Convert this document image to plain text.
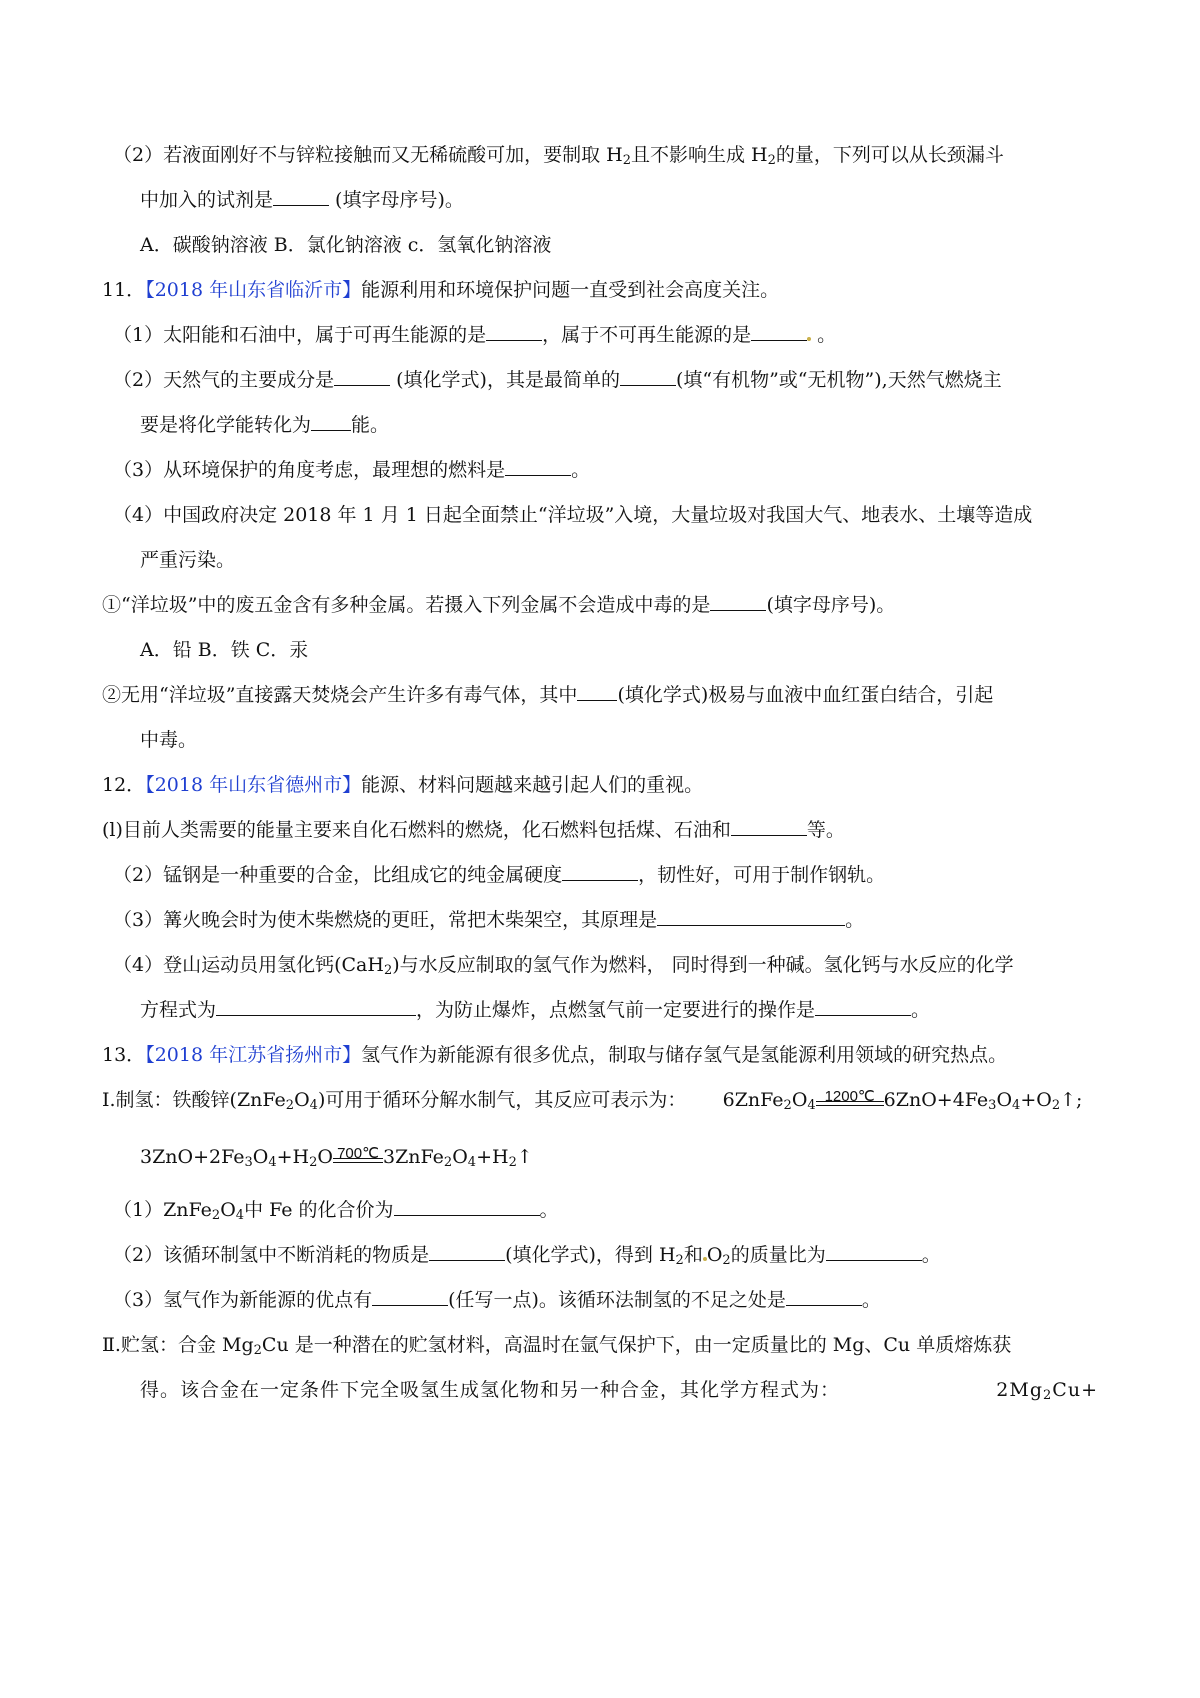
（2）若液面刚好不与锌粒接触而又无稀硫酸可加，要制取 $H_2$且不影响生成 $H_2$的量，下列可以从长颈漏斗
中加入的试剂是	(填字母序号)。
A．碳酸钠溶液 B．氯化钠溶液 c．氢氧化钠溶液
11．【2018 年山东省临沂市】能源利用和环境保护问题一直受到社会高度关注。
（1）太阳能和石油中，属于可再生能源的是	，属于不可再生能源的是	。
（2）天然气的主要成分是	(填化学式)，其是最简单的	(填“有机物”或“无机物”),天然气燃烧主
要是将化学能转化为 能。
（3）从环境保护的角度考虑，最理想的燃料是	。
（4）中国政府决定 2018 年 1 月 1 日起全面禁止“洋垃圾”入境，大量垃圾对我国大气、地表水、土壤等造成
严重污染。
①“洋垃圾”中的废五金含有多种金属。若摄入下列金属不会造成中毒的是	(填字母序号)。
A．铅 B．铁 C．汞
②无用“洋垃圾”直接露天焚烧会产生许多有毒气体，其中 (填化学式)极易与血液中血红蛋白结合，引起
中毒。
12．【2018 年山东省德州市】能源、材料问题越来越引起人们的重视。
(l)目前人类需要的能量主要来自化石燃料的燃烧，化石燃料包括煤、石油和	等。
（2）锰钢是一种重要的合金，比组成它的纯金属硬度	，韧性好，可用于制作钢轨。
（3）篝火晚会时为使木柴燃烧的更旺，常把木柴架空，其原理是	。
（4）登山运动员用氢化钙(CaH$_2$)与水反应制取的氢气作为燃料， 同时得到一种碱。氢化钙与水反应的化学
方程式为	，为防止爆炸，点燃氢气前一定要进行的操作是	。
13．【2018 年江苏省扬州市】氢气作为新能源有很多优点，制取与储存氢气是氢能源利用领域的研究热点。
I.制氢：铁酸锌$(ZnFe_2O_4)$可用于循环分解水制气，其反应可表示为： $6ZnFe_2O_4$
1200℃ $6ZnO+4Fe_3O_4+O_2↑$;
$3ZnO+2Fe_3O_4+H_2O$ 700℃ $3ZnFe_2O_4+H_2↑$
$(1)ZnFe_2O_4$中 Fe 的化合价为	。
（2）该循环制氢中不断消耗的物质是	(填化学式)，得到 $H_2$和 $O_2$的质量比为	。
（3）氢气作为新能源的优点有	(任写一点)。该循环法制氢的不足之处是	。
Ⅱ.贮氢：合金 $Mg_2Cu$ 是一种潜在的贮氢材料，高温时在氩气保护下，由一定质量比的 Mg、Cu 单质熔炼获
得。该合金在一定条件下完全吸氢生成氢化物和另一种合金，其化学方程式为：	$2Mg_2Cu+$
